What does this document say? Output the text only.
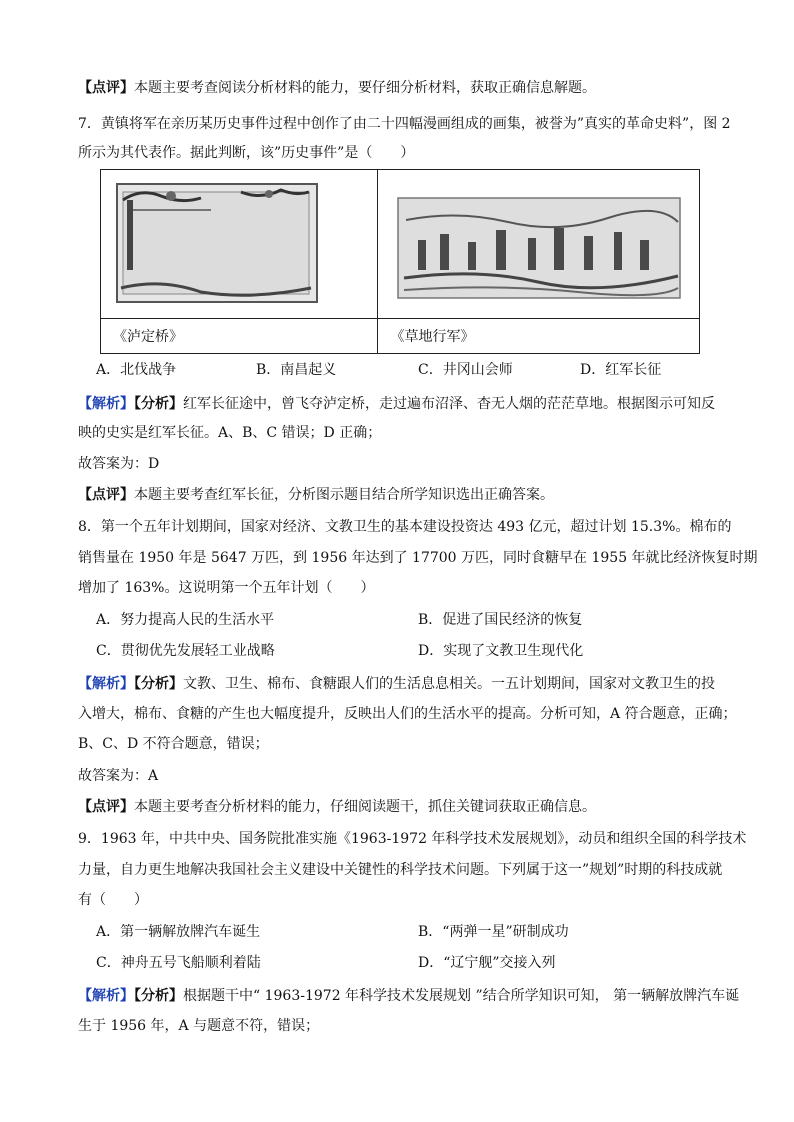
【点评】本题主要考查阅读分析材料的能力，要仔细分析材料，获取正确信息解题。
7．黄镇将军在亲历某历史事件过程中创作了由二十四幅漫画组成的画集，被誉为”真实的革命史料”，图 2
所示为其代表作。据此判断，该”历史事件”是（　　）

《泸定桥》	《草地行军》
A．北伐战争	B．南昌起义	C．井冈山会师	D．红军长征
【解析】【分析】红军长征途中，曾飞夺泸定桥，走过遍布沼泽、杳无人烟的茫茫草地。根据图示可知反
映的史实是红军长征。A、B、C 错误；D 正确；
故答案为：D
【点评】本题主要考查红军长征，分析图示题目结合所学知识选出正确答案。
8．第一个五年计划期间，国家对经济、文教卫生的基本建设投资达 493 亿元，超过计划 15.3%。棉布的
销售量在 1950 年是 5647 万匹，到 1956 年达到了 17700 万匹，同时食糖早在 1955 年就比经济恢复时期
增加了 163%。这说明第一个五年计划（　　）
A．努力提高人民的生活水平	B．促进了国民经济的恢复
C．贯彻优先发展轻工业战略	D．实现了文教卫生现代化
【解析】【分析】文教、卫生、棉布、食糖跟人们的生活息息相关。一五计划期间，国家对文教卫生的投
入增大，棉布、食糖的产生也大幅度提升，反映出人们的生活水平的提高。分析可知，A 符合题意，正确；
B、C、D 不符合题意，错误；
故答案为：A
【点评】本题主要考查分析材料的能力，仔细阅读题干，抓住关键词获取正确信息。
9．1963 年，中共中央、国务院批准实施《1963-1972 年科学技术发展规划》，动员和组织全国的科学技术
力量，自力更生地解决我国社会主义建设中关键性的科学技术问题。下列属于这一”规划”时期的科技成就
有（　　）
A．第一辆解放牌汽车诞生	B．“两弹一星”研制成功
C．神舟五号飞船顺利着陆	D．“辽宁舰”交接入列
【解析】【分析】根据题干中“ 1963-1972 年科学技术发展规划 ”结合所学知识可知， 第一辆解放牌汽车诞
生于 1956 年，A 与题意不符，错误；
